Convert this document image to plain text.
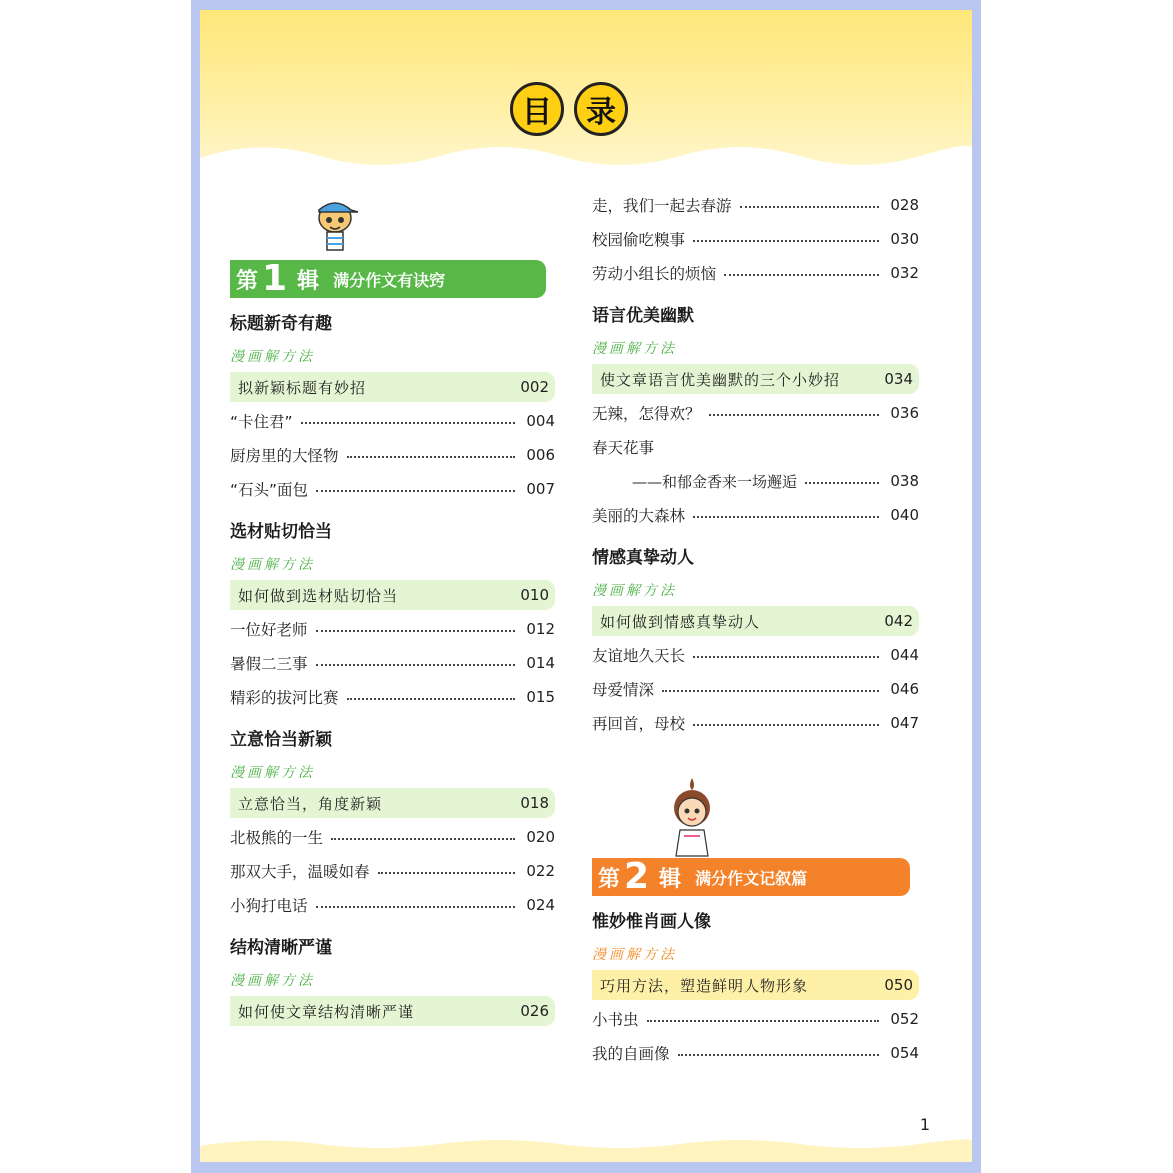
目	录
第 1 辑 满分作文有诀窍
标题新奇有趣
漫画解方法
拟新颖标题有妙招	002
“卡住君”	004
厨房里的大怪物	006
“石头”面包	007
选材贴切恰当
漫画解方法
如何做到选材贴切恰当	010
一位好老师	012
暑假二三事	014
精彩的拔河比赛	015
立意恰当新颖
漫画解方法
立意恰当，角度新颖	018
北极熊的一生	020
那双大手，温暖如春	022
小狗打电话	024
结构清晰严谨
漫画解方法
如何使文章结构清晰严谨	026
走，我们一起去春游	028
校园偷吃糗事	030
劳动小组长的烦恼	032
语言优美幽默
漫画解方法
使文章语言优美幽默的三个小妙招	034
无辣，怎得欢？	036
春天花事
——和郁金香来一场邂逅	038
美丽的大森林	040
情感真挚动人
漫画解方法
如何做到情感真挚动人	042
友谊地久天长	044
母爱情深	046
再回首，母校	047
第 2 辑 满分作文记叙篇
惟妙惟肖画人像
漫画解方法
巧用方法，塑造鲜明人物形象	050
小书虫	052
我的自画像	054
1
